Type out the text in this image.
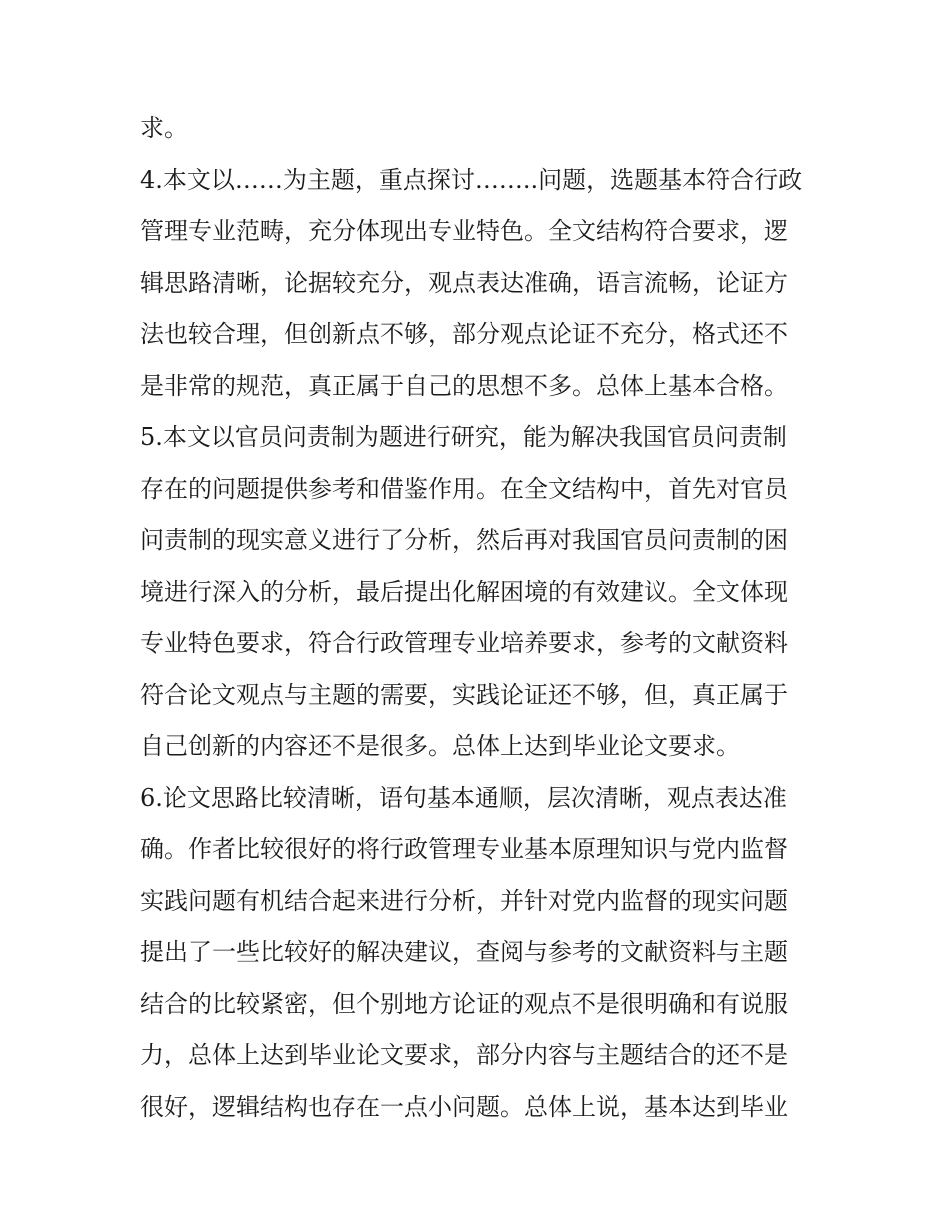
求。
4.本文以……为主题，重点探讨……..问题，选题基本符合行政
管理专业范畴，充分体现出专业特色。全文结构符合要求，逻
辑思路清晰，论据较充分，观点表达准确，语言流畅，论证方
法也较合理，但创新点不够，部分观点论证不充分，格式还不
是非常的规范，真正属于自己的思想不多。总体上基本合格。
5.本文以官员问责制为题进行研究，能为解决我国官员问责制
存在的问题提供参考和借鉴作用。在全文结构中，首先对官员
问责制的现实意义进行了分析，然后再对我国官员问责制的困
境进行深入的分析，最后提出化解困境的有效建议。全文体现
专业特色要求，符合行政管理专业培养要求，参考的文献资料
符合论文观点与主题的需要，实践论证还不够，但，真正属于
自己创新的内容还不是很多。总体上达到毕业论文要求。
6.论文思路比较清晰，语句基本通顺，层次清晰，观点表达准
确。作者比较很好的将行政管理专业基本原理知识与党内监督
实践问题有机结合起来进行分析，并针对党内监督的现实问题
提出了一些比较好的解决建议，查阅与参考的文献资料与主题
结合的比较紧密，但个别地方论证的观点不是很明确和有说服
力，总体上达到毕业论文要求，部分内容与主题结合的还不是
很好，逻辑结构也存在一点小问题。总体上说，基本达到毕业
